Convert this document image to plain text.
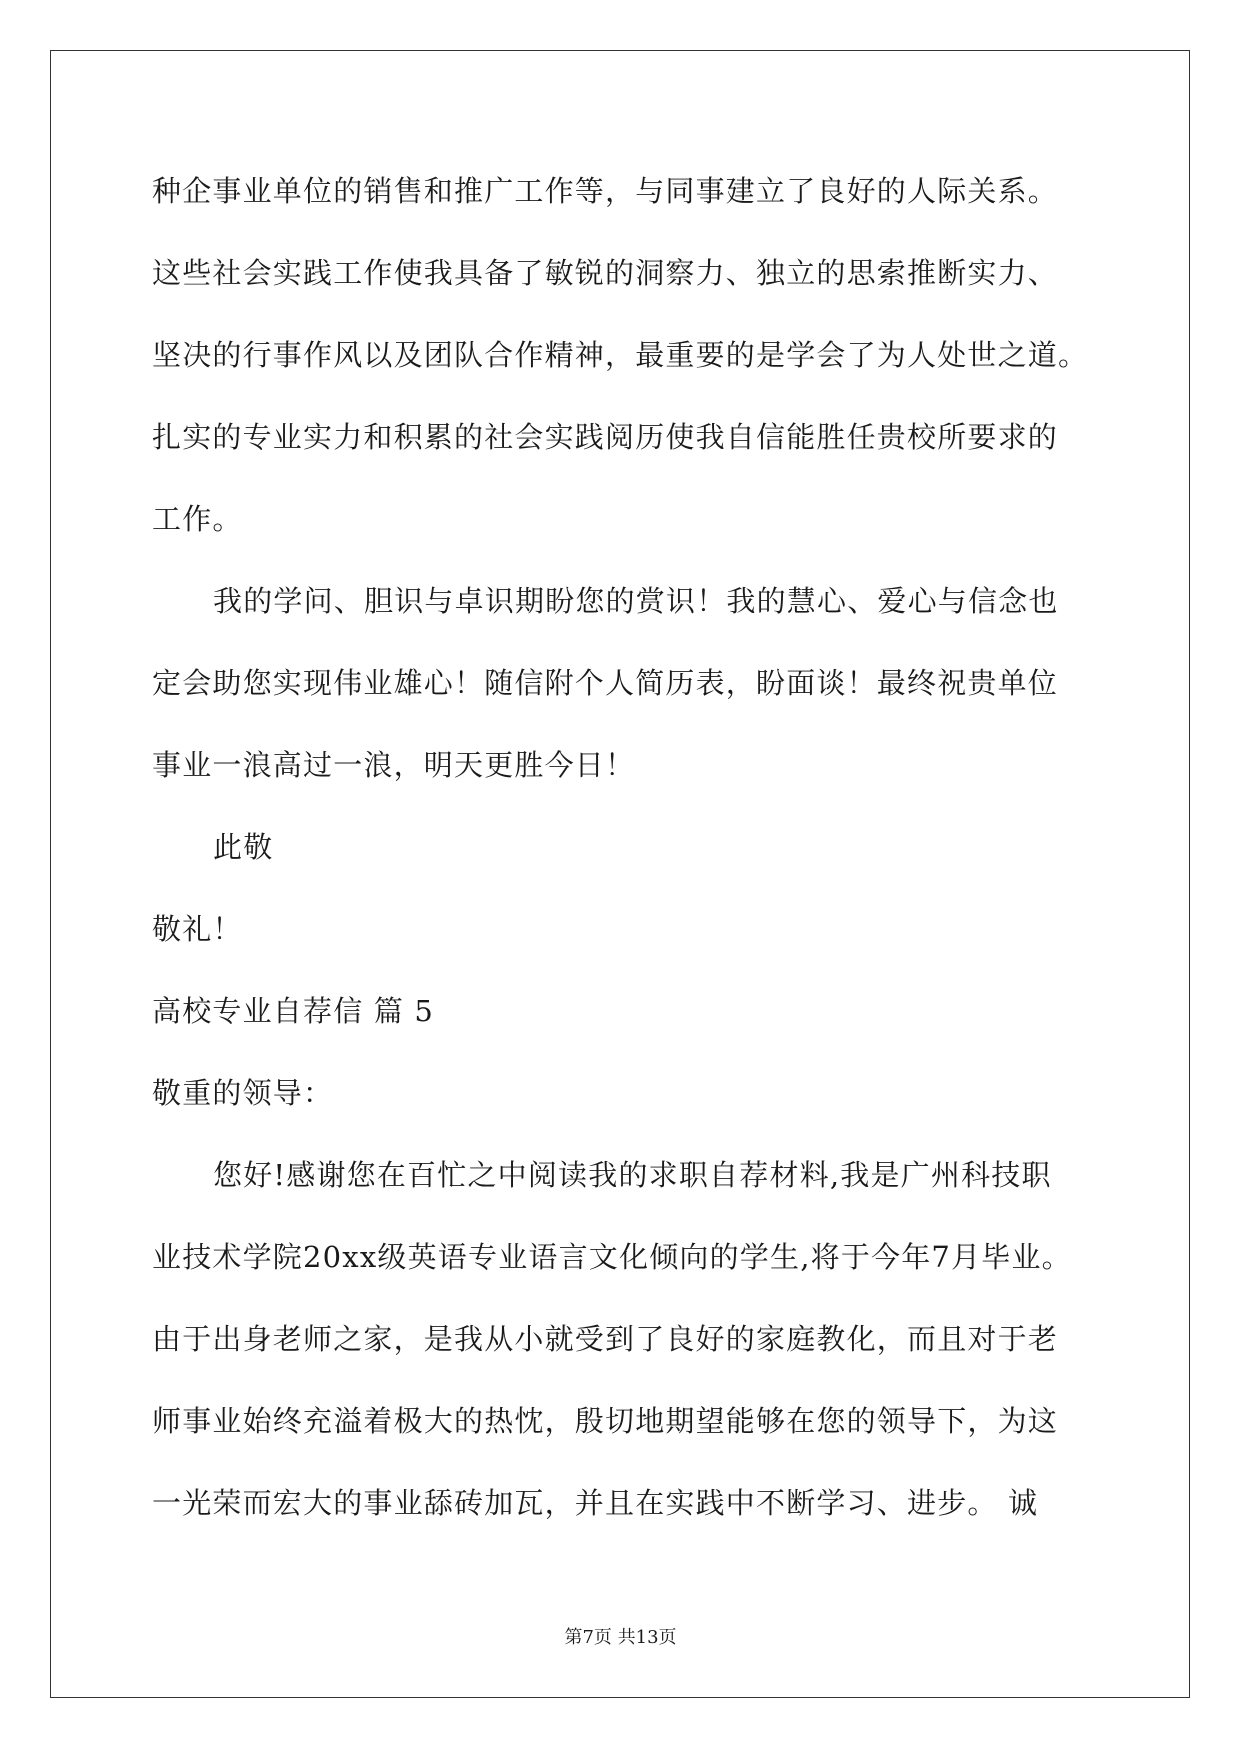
种企事业单位的销售和推广工作等，与同事建立了良好的人际关系。
这些社会实践工作使我具备了敏锐的洞察力、独立的思索推断实力、
坚决的行事作风以及团队合作精神，最重要的是学会了为人处世之道。
扎实的专业实力和积累的社会实践阅历使我自信能胜任贵校所要求的
工作。
我的学问、胆识与卓识期盼您的赏识！我的慧心、爱心与信念也
定会助您实现伟业雄心！随信附个人简历表，盼面谈！最终祝贵单位
事业一浪高过一浪，明天更胜今日！
此敬
敬礼！
高校专业自荐信 篇 5
敬重的领导：
您好!感谢您在百忙之中阅读我的求职自荐材料,我是广州科技职
业技术学院20xx级英语专业语言文化倾向的学生,将于今年7月毕业。
由于出身老师之家，是我从小就受到了良好的家庭教化，而且对于老
师事业始终充溢着极大的热忱，殷切地期望能够在您的领导下，为这
一光荣而宏大的事业舔砖加瓦，并且在实践中不断学习、进步。 诚
第7页 共13页
